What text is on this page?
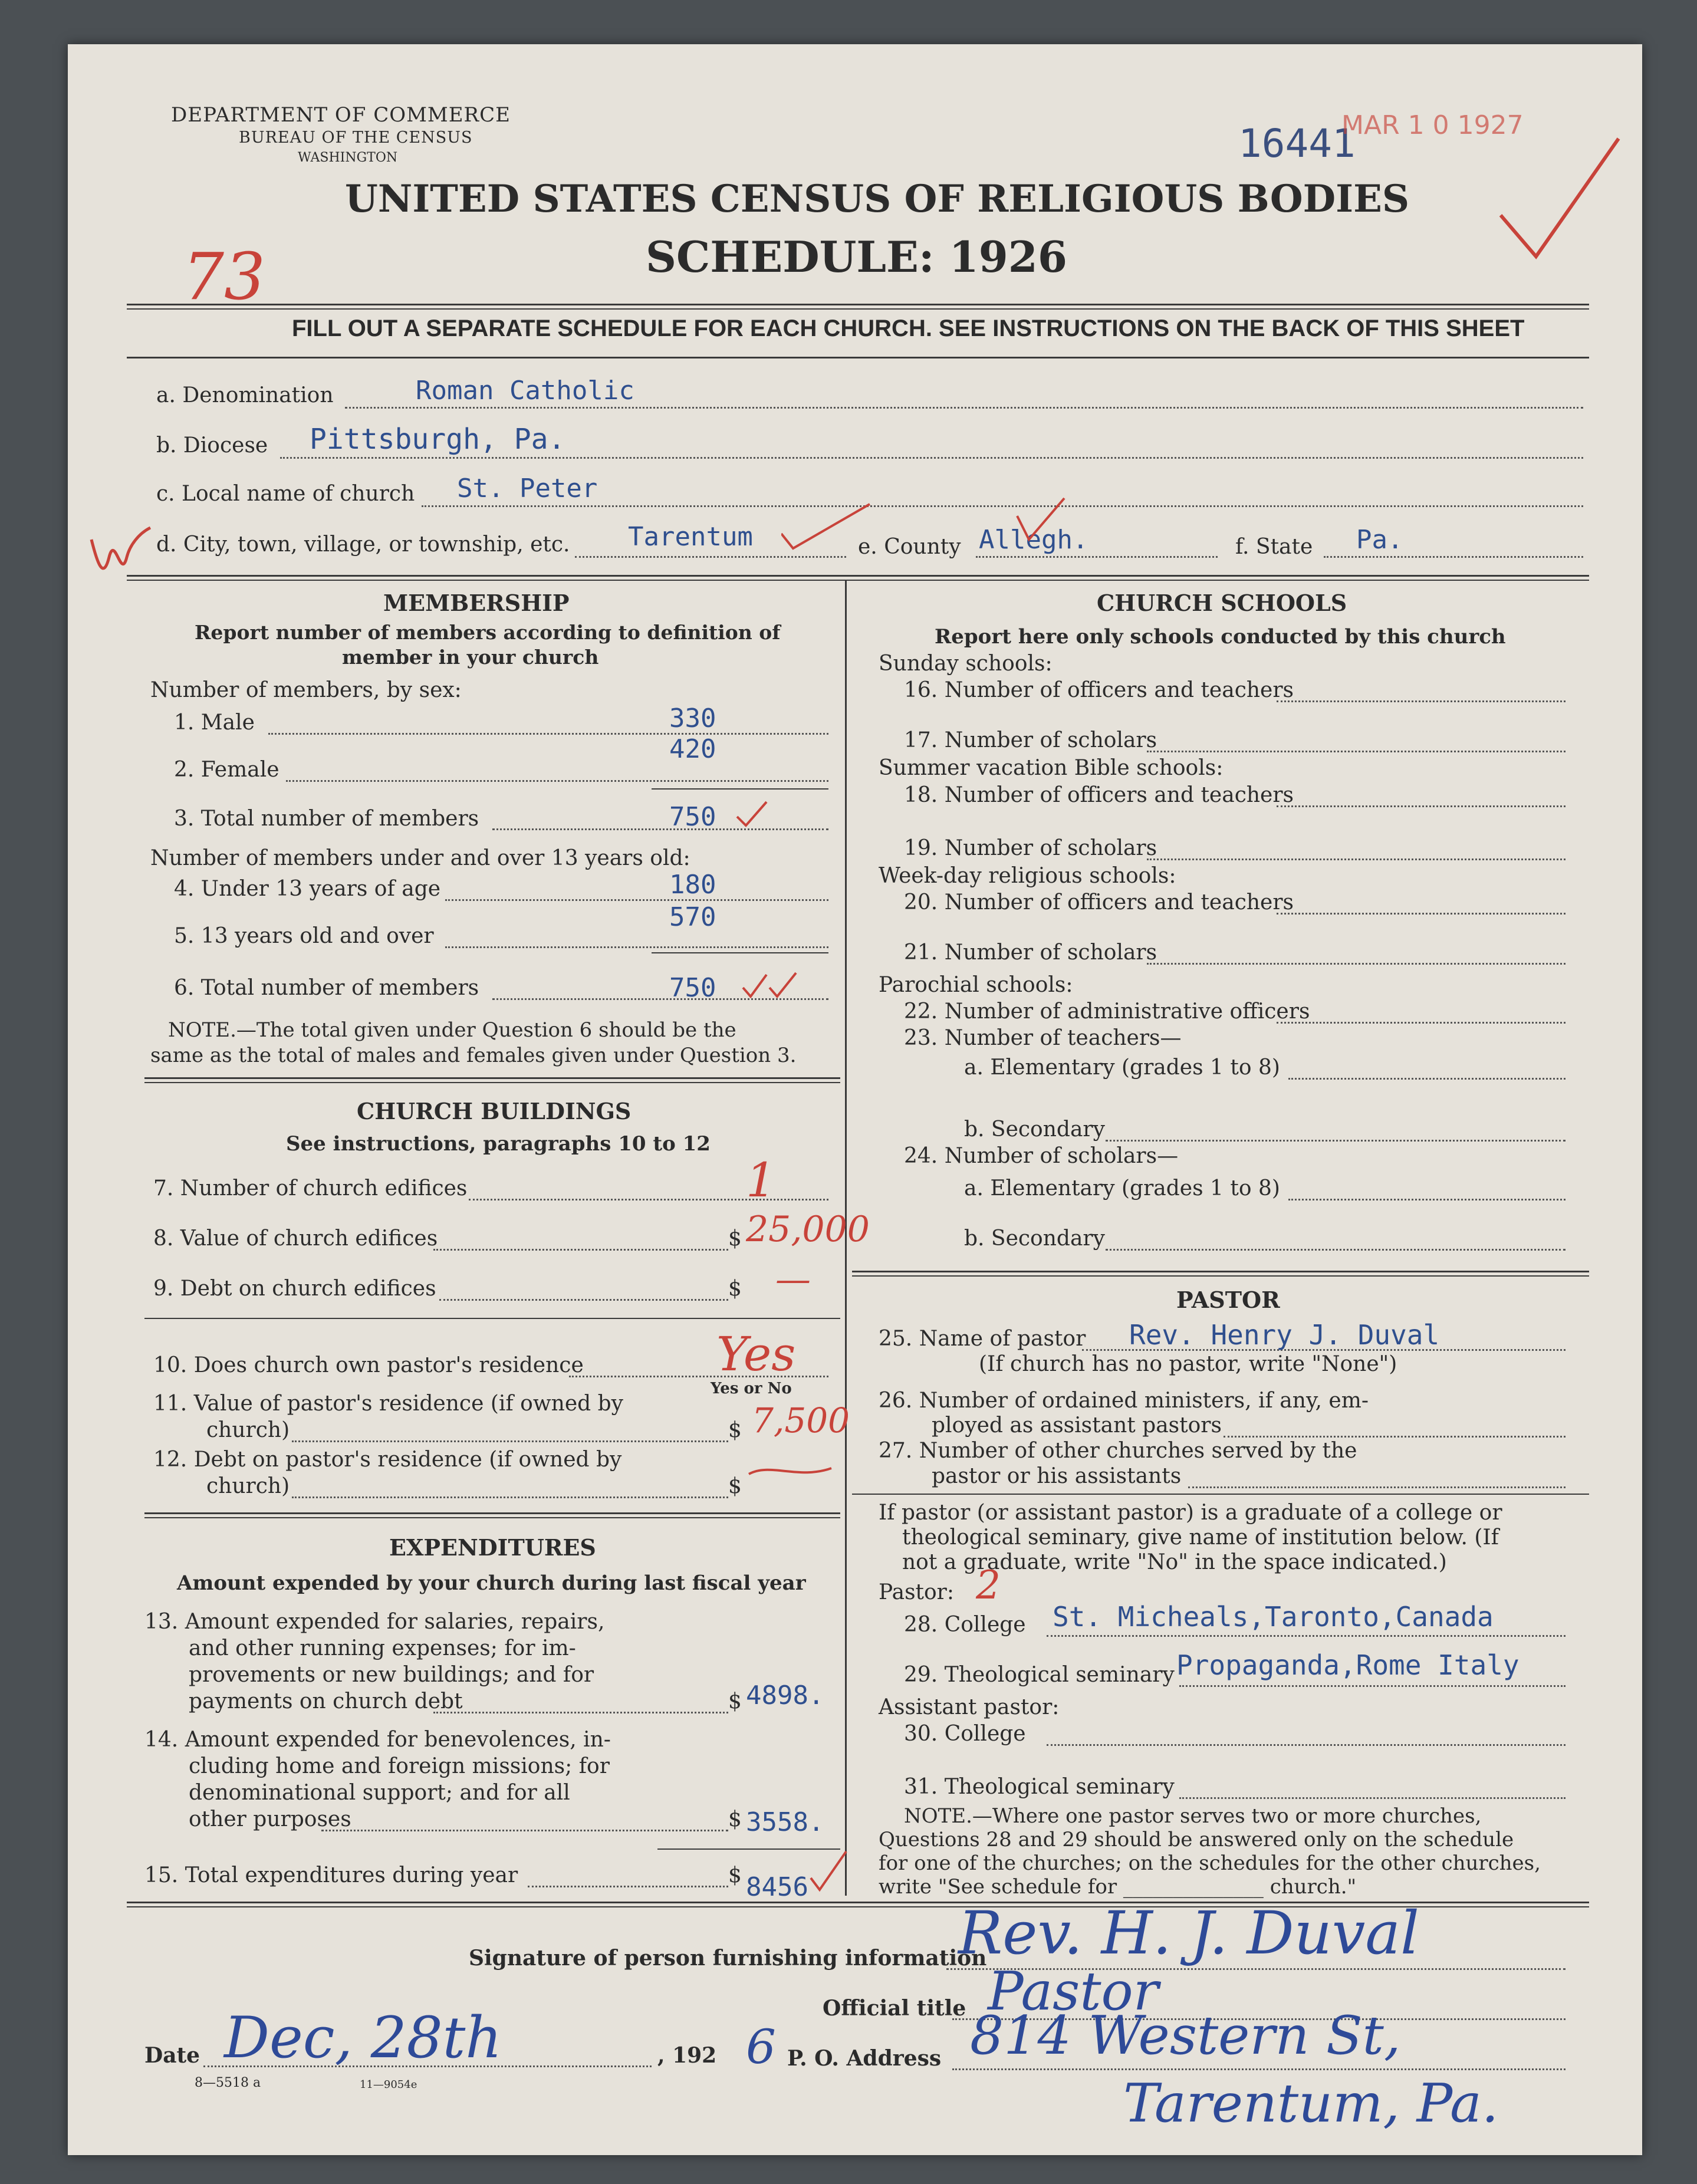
DEPARTMENT OF COMMERCE
BUREAU OF THE CENSUS
WASHINGTON
UNITED STATES CENSUS OF RELIGIOUS BODIES
SCHEDULE: 1926
16441
MAR 1 0 1927
73
FILL OUT A SEPARATE SCHEDULE FOR EACH CHURCH. SEE INSTRUCTIONS ON THE BACK OF THIS SHEET
a. Denomination	Roman Catholic
b. Diocese Pittsburgh, Pa.
c. Local name of church St. Peter
d. City, town, village, or township, etc. Tarentum	e. County Allegh.	f. State Pa.
MEMBERSHIP
Report number of members according to definition of
member in your church
Number of members, by sex:
1. Male	330
2. Female
420
3. Total number of members	750
Number of members under and over 13 years old:
4. Under 13 years of age	180
5. 13 years old and over
570
6. Total number of members	750
NOTE.—The total given under Question 6 should be the
same as the total of males and females given under Question 3.
CHURCH BUILDINGS
See instructions, paragraphs 10 to 12
7. Number of church edifices	1
8. Value of church edifices	$ 25,000
9. Debt on church edifices	$ —
10. Does church own pastor's residence	Yes
Yes or No
11. Value of pastor's residence (if owned by
church)	$ 7,500
12. Debt on pastor's residence (if owned by
church)	$
EXPENDITURES
Amount expended by your church during last fiscal year
13. Amount expended for salaries, repairs,
and other running expenses; for im-
provements or new buildings; and for
payments on church debt	$ 4898.
14. Amount expended for benevolences, in-
cluding home and foreign missions; for
denominational support; and for all
other purposes	$ 3558.
15. Total expenditures during year	$ 8456
CHURCH SCHOOLS
Report here only schools conducted by this church
Sunday schools:
16. Number of officers and teachers
17. Number of scholars
Summer vacation Bible schools:
18. Number of officers and teachers
19. Number of scholars
Week-day religious schools:
20. Number of officers and teachers
21. Number of scholars
Parochial schools:
22. Number of administrative officers
23. Number of teachers—
a. Elementary (grades 1 to 8)
b. Secondary
24. Number of scholars—
a. Elementary (grades 1 to 8)
b. Secondary
PASTOR
25. Name of pastor Rev. Henry J. Duval
(If church has no pastor, write "None")
26. Number of ordained ministers, if any, em-
ployed as assistant pastors
27. Number of other churches served by the
pastor or his assistants
If pastor (or assistant pastor) is a graduate of a college or
theological seminary, give name of institution below. (If
not a graduate, write "No" in the space indicated.)
Pastor: 2
28. College St. Micheals,Taronto,Canada
29. Theological seminary Propaganda,Rome Italy
Assistant pastor:
30. College
31. Theological seminary
NOTE.—Where one pastor serves two or more churches,
Questions 28 and 29 should be answered only on the schedule
for one of the churches; on the schedules for the other churches,
write "See schedule for ______________ church."
Signature of person furnishing information
Rev. H. J. Duval
Official title Pastor
Date Dec, 28th	, 192 6 P. O. Address 814 Western St,
Tarentum, Pa.
8—5518 a	11—9054e
